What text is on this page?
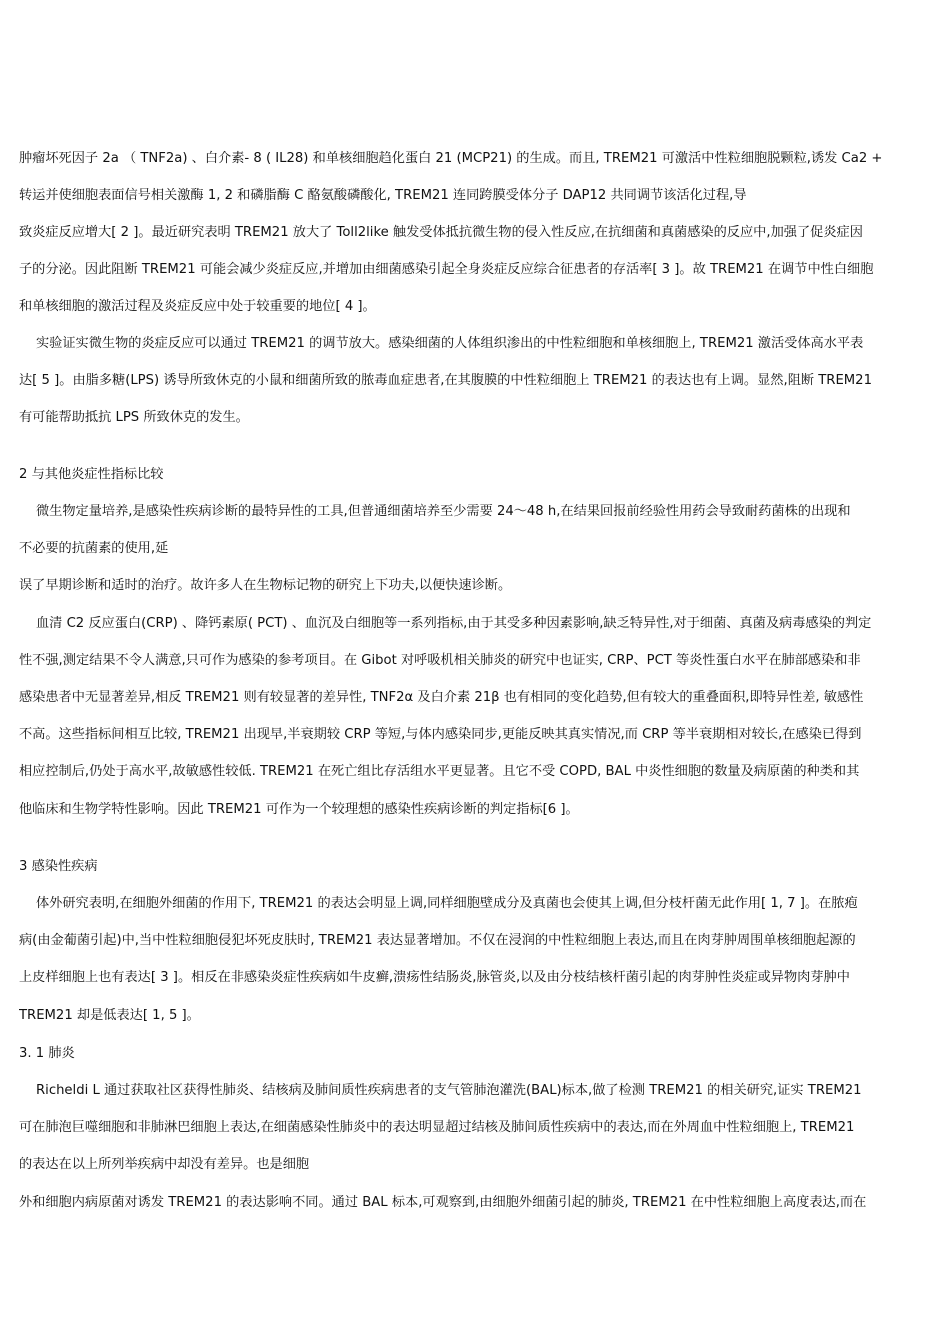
肿瘤坏死因子 2a （ TNF2a) 、白介素- 8 ( IL28) 和单核细胞趋化蛋白 21 (MCP21) 的生成。而且, TREM21 可激活中性粒细胞脱颗粒,诱发 Ca2 +
转运并使细胞表面信号相关激酶 1, 2 和磷脂酶 C 酪氨酸磷酸化, TREM21 连同跨膜受体分子 DAP12 共同调节该活化过程,导
致炎症反应增大[ 2 ]。最近研究表明 TREM21 放大了 Toll2like 触发受体抵抗微生物的侵入性反应,在抗细菌和真菌感染的反应中,加强了促炎症因
子的分泌。因此阻断 TREM21 可能会减少炎症反应,并增加由细菌感染引起全身炎症反应综合征患者的存活率[ 3 ]。故 TREM21 在调节中性白细胞
和单核细胞的激活过程及炎症反应中处于较重要的地位[ 4 ]。
实验证实微生物的炎症反应可以通过 TREM21 的调节放大。感染细菌的人体组织渗出的中性粒细胞和单核细胞上, TREM21 激活受体高水平表
达[ 5 ]。由脂多糖(LPS) 诱导所致休克的小鼠和细菌所致的脓毒血症患者,在其腹膜的中性粒细胞上 TREM21 的表达也有上调。显然,阻断 TREM21
有可能帮助抵抗 LPS 所致休克的发生。
2 与其他炎症性指标比较
微生物定量培养,是感染性疾病诊断的最特异性的工具,但普通细菌培养至少需要 24～48 h,在结果回报前经验性用药会导致耐药菌株的出现和
不必要的抗菌素的使用,延
误了早期诊断和适时的治疗。故许多人在生物标记物的研究上下功夫,以便快速诊断。
血清 C2 反应蛋白(CRP) 、降钙素原( PCT) 、血沉及白细胞等一系列指标,由于其受多种因素影响,缺乏特异性,对于细菌、真菌及病毒感染的判定
性不强,测定结果不令人满意,只可作为感染的参考项目。在 Gibot 对呼吸机相关肺炎的研究中也证实, CRP、PCT 等炎性蛋白水平在肺部感染和非
感染患者中无显著差异,相反 TREM21 则有较显著的差异性, TNF2α 及白介素 21β 也有相同的变化趋势,但有较大的重叠面积,即特异性差, 敏感性
不高。这些指标间相互比较, TREM21 出现早,半衰期较 CRP 等短,与体内感染同步,更能反映其真实情况,而 CRP 等半衰期相对较长,在感染已得到
相应控制后,仍处于高水平,故敏感性较低. TREM21 在死亡组比存活组水平更显著。且它不受 COPD, BAL 中炎性细胞的数量及病原菌的种类和其
他临床和生物学特性影响。因此 TREM21 可作为一个较理想的感染性疾病诊断的判定指标[6 ]。
3 感染性疾病
体外研究表明,在细胞外细菌的作用下, TREM21 的表达会明显上调,同样细胞壁成分及真菌也会使其上调,但分枝杆菌无此作用[ 1, 7 ]。在脓疱
病(由金葡菌引起)中,当中性粒细胞侵犯坏死皮肤时, TREM21 表达显著增加。不仅在浸润的中性粒细胞上表达,而且在肉芽肿周围单核细胞起源的
上皮样细胞上也有表达[ 3 ]。相反在非感染炎症性疾病如牛皮癣,溃疡性结肠炎,脉管炎,以及由分枝结核杆菌引起的肉芽肿性炎症或异物肉芽肿中
TREM21 却是低表达[ 1, 5 ]。
3. 1 肺炎
Richeldi L 通过获取社区获得性肺炎、结核病及肺间质性疾病患者的支气管肺泡灌洗(BAL)标本,做了检测 TREM21 的相关研究,证实 TREM21
可在肺泡巨噬细胞和非肺淋巴细胞上表达,在细菌感染性肺炎中的表达明显超过结核及肺间质性疾病中的表达,而在外周血中性粒细胞上, TREM21
的表达在以上所列举疾病中却没有差异。也是细胞
外和细胞内病原菌对诱发 TREM21 的表达影响不同。通过 BAL 标本,可观察到,由细胞外细菌引起的肺炎, TREM21 在中性粒细胞上高度表达,而在
